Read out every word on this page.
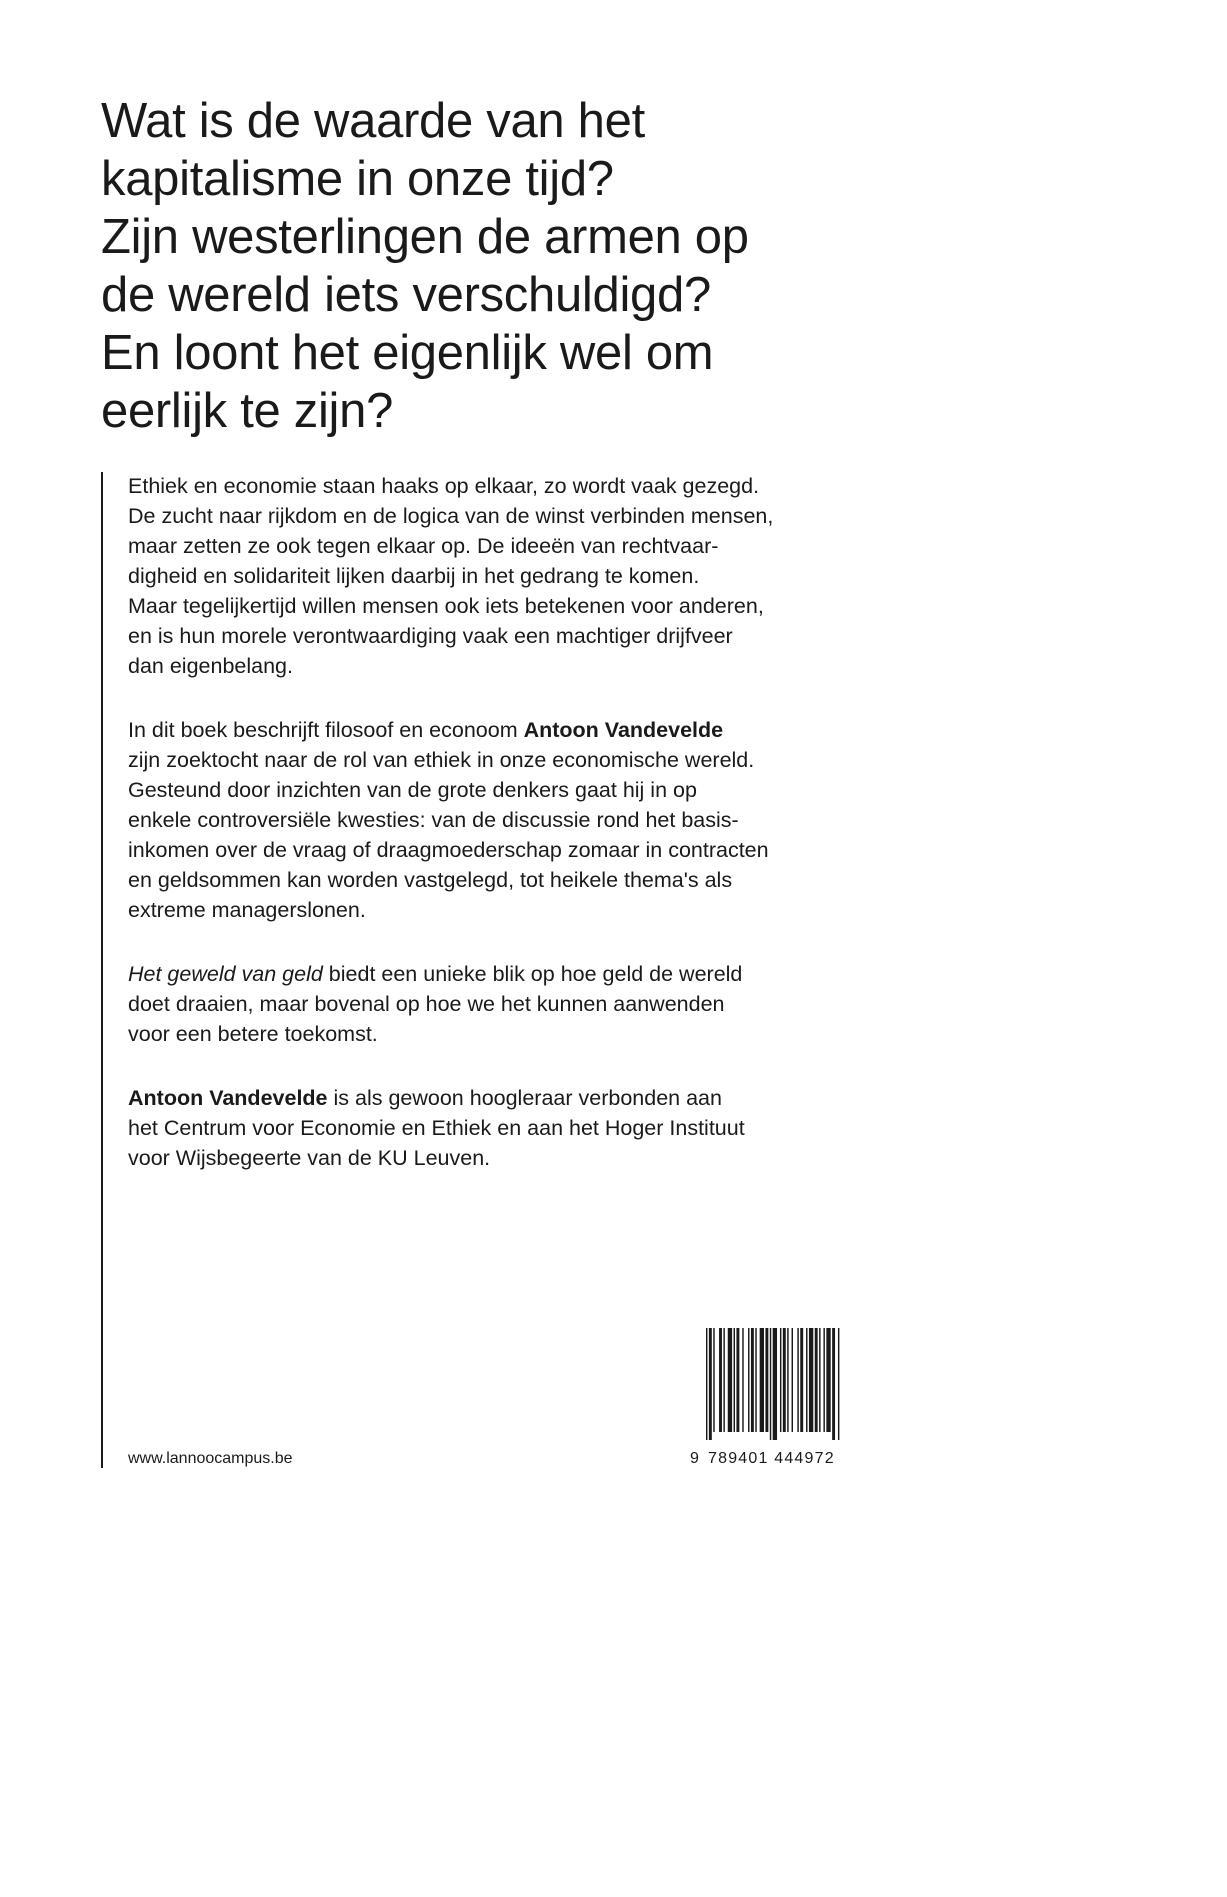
Wat is de waarde van het
kapitalisme in onze tijd?
Zijn westerlingen de armen op
de wereld iets verschuldigd?
En loont het eigenlijk wel om
eerlijk te zijn?

Ethiek en economie staan haaks op elkaar, zo wordt vaak gezegd.
De zucht naar rijkdom en de logica van de winst verbinden mensen,
maar zetten ze ook tegen elkaar op. De ideeën van rechtvaar-
digheid en solidariteit lijken daarbij in het gedrang te komen.
Maar tegelijkertijd willen mensen ook iets betekenen voor anderen,
en is hun morele verontwaardiging vaak een machtiger drijfveer
dan eigenbelang.

In dit boek beschrijft filosoof en econoom Antoon Vandevelde
zijn zoektocht naar de rol van ethiek in onze economische wereld.
Gesteund door inzichten van de grote denkers gaat hij in op
enkele controversiële kwesties: van de discussie rond het basis-
inkomen over de vraag of draagmoederschap zomaar in contracten
en geldsommen kan worden vastgelegd, tot heikele thema's als
extreme managerslonen.

Het geweld van geld biedt een unieke blik op hoe geld de wereld
doet draaien, maar bovenal op hoe we het kunnen aanwenden
voor een betere toekomst.

Antoon Vandevelde is als gewoon hoogleraar verbonden aan
het Centrum voor Economie en Ethiek en aan het Hoger Instituut
voor Wijsbegeerte van de KU Leuven.

www.lannoocampus.be	9 789401 444972
